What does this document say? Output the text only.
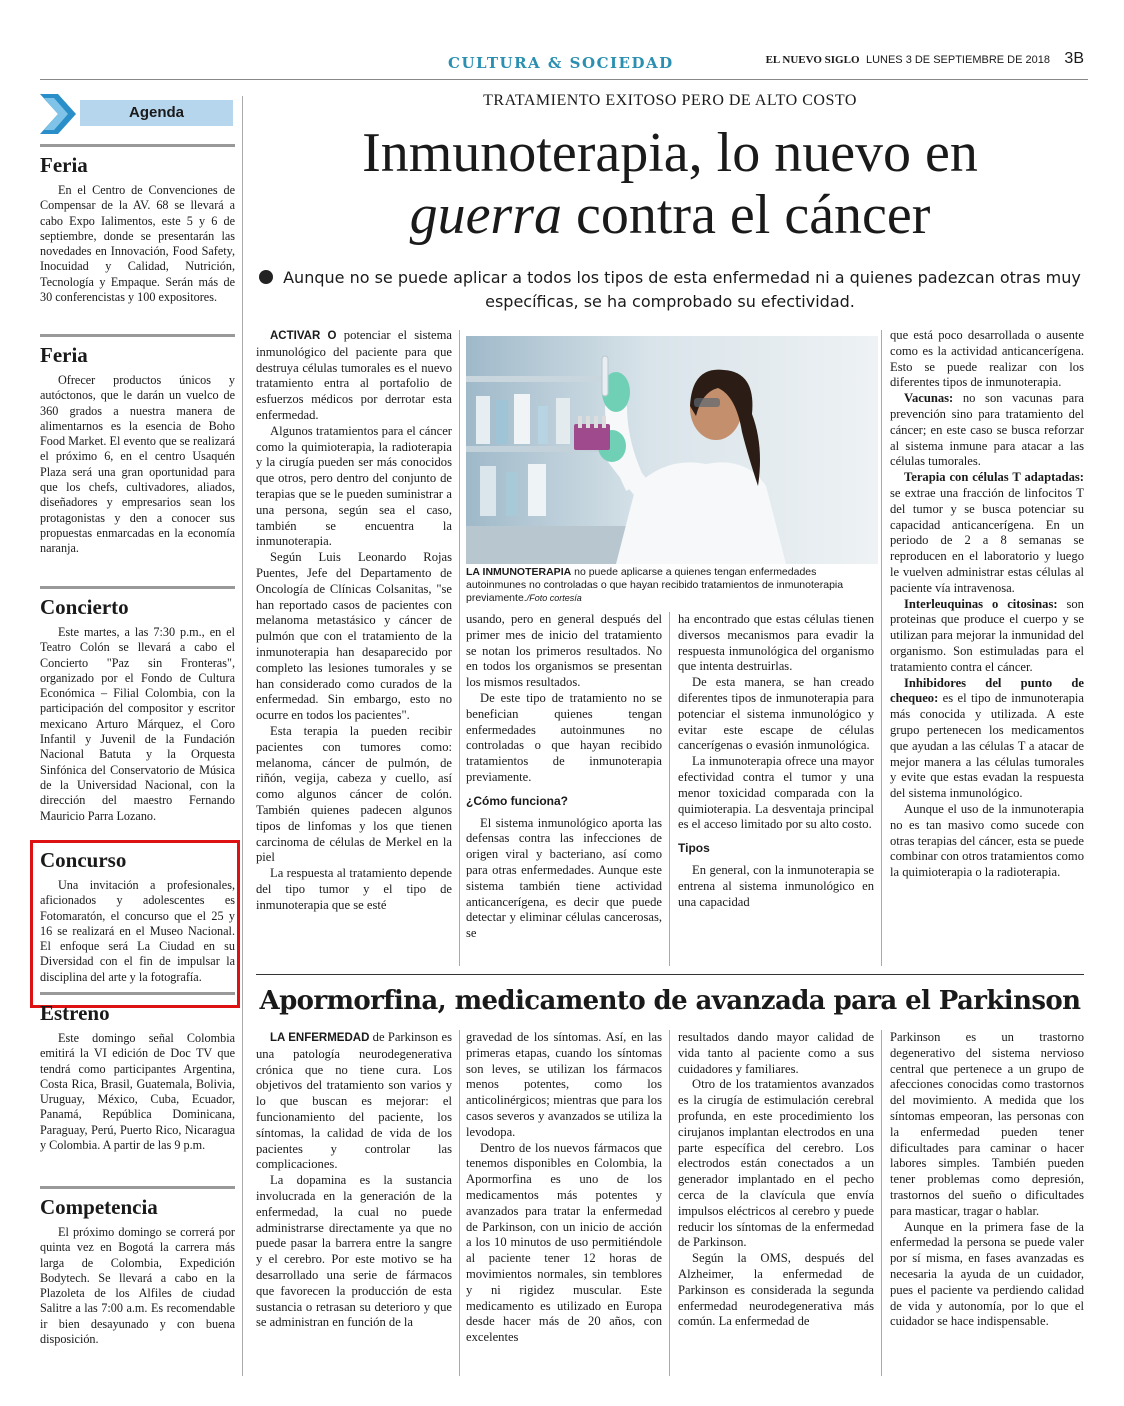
CULTURA & SOCIEDAD	EL NUEVO SIGLO LUNES 3 DE SEPTIEMBRE DE 2018 3B
Agenda
Feria
En el Centro de Convenciones de Compensar de la AV. 68 se llevará a cabo Expo Ialimentos, este 5 y 6 de septiembre, donde se presentarán las novedades en Innovación, Food Safety, Inocuidad y Calidad, Nutrición, Tecnología y Empaque. Serán más de 30 conferencistas y 100 expositores.
Feria
Ofrecer productos únicos y autóctonos, que le darán un vuelco de 360 grados a nuestra manera de alimentarnos es la esencia de Boho Food Market. El evento que se realizará el próximo 6, en el centro Usaquén Plaza será una gran oportunidad para que los chefs, cultivadores, aliados, diseñadores y empresarios sean los protagonistas y den a conocer sus propuestas enmarcadas en la economía naranja.
Concierto
Este martes, a las 7:30 p.m., en el Teatro Colón se llevará a cabo el Concierto "Paz sin Fronteras", organizado por el Fondo de Cultura Económica – Filial Colombia, con la participación del compositor y escritor mexicano Arturo Márquez, el Coro Infantil y Juvenil de la Fundación Nacional Batuta y la Orquesta Sinfónica del Conservatorio de Música de la Universidad Nacional, con la dirección del maestro Fernando Mauricio Parra Lozano.
Concurso
Una invitación a profesionales, aficionados y adolescentes es Fotomaratón, el concurso que el 25 y 16 se realizará en el Museo Nacional. El enfoque será La Ciudad en su Diversidad con el fin de impulsar la disciplina del arte y la fotografía.
Estreno
Este domingo señal Colombia emitirá la VI edición de Doc TV que tendrá como participantes Argentina, Costa Rica, Brasil, Guatemala, Bolivia, Uruguay, México, Cuba, Ecuador, Panamá, República Dominicana, Paraguay, Perú, Puerto Rico, Nicaragua y Colombia. A partir de las 9 p.m.
Competencia
El próximo domingo se correrá por quinta vez en Bogotá la carrera más larga de Colombia, Expedición Bodytech. Se llevará a cabo en la Plazoleta de los Alfiles de ciudad Salitre a las 7:00 a.m. Es recomendable ir bien desayunado y con buena disposición.
TRATAMIENTO EXITOSO PERO DE ALTO COSTO
Inmunoterapia, lo nuevo en
guerra contra el cáncer
Aunque no se puede aplicar a todos los tipos de esta enfermedad ni a quienes padezcan otras muy específicas, se ha comprobado su efectividad.

ACTIVAR O potenciar el sistema inmunológico del paciente para que destruya células tumorales es el nuevo tratamiento entra al portafolio de esfuerzos médicos por derrotar esta enfermedad.

Algunos tratamientos para el cáncer como la quimioterapia, la radioterapia y la cirugía pueden ser más conocidos que otros, pero dentro del conjunto de terapias que se le pueden suministrar a una persona, según sea el caso, también se encuentra la inmunoterapia.

Según Luis Leonardo Rojas Puentes, Jefe del Departamento de Oncología de Clínicas Colsanitas, "se han reportado casos de pacientes con melanoma metastásico y cáncer de pulmón que con el tratamiento de la inmunoterapia han desaparecido por completo las lesiones tumorales y se han considerado como curados de la enfermedad. Sin embargo, esto no ocurre en todos los pacientes".

Esta terapia la pueden recibir pacientes con tumores como: melanoma, cáncer de pulmón, de riñón, vegija, cabeza y cuello, así como algunos cáncer de colón. También quienes padecen algunos tipos de linfomas y los que tienen carcinoma de células de Merkel en la piel

La respuesta al tratamiento depende del tipo tumor y el tipo de inmunoterapia que se esté

LA INMUNOTERAPIA no puede aplicarse a quienes tengan enfermedades autoinmunes no controladas o que hayan recibido tratamientos de inmunoterapia previamente./Foto cortesía

usando, pero en general después del primer mes de inicio del tratamiento se notan los primeros resultados. No en todos los organismos se presentan los mismos resultados.

De este tipo de tratamiento no se benefician quienes tengan enfermedades autoinmunes no controladas o que hayan recibido tratamientos de inmunoterapia previamente.

¿Cómo funciona?

El sistema inmunológico aporta las defensas contra las infecciones de origen viral y bacteriano, así como para otras enfermedades. Aunque este sistema también tiene actividad anticancerígena, es decir que puede detectar y eliminar células cancerosas, se

ha encontrado que estas células tienen diversos mecanismos para evadir la respuesta inmunológica del organismo que intenta destruirlas.

De esta manera, se han creado diferentes tipos de inmunoterapia para potenciar el sistema inmunológico y evitar este escape de células cancerígenas o evasión inmunológica.

La inmunoterapia ofrece una mayor efectividad contra el tumor y una menor toxicidad comparada con la quimioterapia. La desventaja principal es el acceso limitado por su alto costo.

Tipos

En general, con la inmunoterapia se entrena al sistema inmunológico en una capacidad

que está poco desarrollada o ausente como es la actividad anticancerígena. Esto se puede realizar con los diferentes tipos de inmunoterapia.

Vacunas: no son vacunas para prevención sino para tratamiento del cáncer; en este caso se busca reforzar al sistema inmune para atacar a las células tumorales.

Terapia con células T adaptadas: se extrae una fracción de linfocitos T del tumor y se busca potenciar su capacidad anticancerígena. En un periodo de 2 a 8 semanas se reproducen en el laboratorio y luego le vuelven administrar estas células al paciente vía intravenosa.

Interleuquinas o citosinas: son proteinas que produce el cuerpo y se utilizan para mejorar la inmunidad del organismo. Son estimuladas para el tratamiento contra el cáncer.

Inhibidores del punto de chequeo: es el tipo de inmunoterapia más conocida y utilizada. A este grupo pertenecen los medicamentos que ayudan a las células T a atacar de mejor manera a las células tumorales y evite que estas evadan la respuesta del sistema inmunológico.

Aunque el uso de la inmunoterapia no es tan masivo como sucede con otras terapias del cáncer, esta se puede combinar con otros tratamientos como la quimioterapia o la radioterapia.

Apormorfina, medicamento de avanzada para el Parkinson

LA ENFERMEDAD de Parkinson es una patología neurodegenerativa crónica que no tiene cura. Los objetivos del tratamiento son varios y lo que buscan es mejorar: el funcionamiento del paciente, los síntomas, la calidad de vida de los pacientes y controlar las complicaciones.

La dopamina es la sustancia involucrada en la generación de la enfermedad, la cual no puede administrarse directamente ya que no puede pasar la barrera entre la sangre y el cerebro. Por este motivo se ha desarrollado una serie de fármacos que favorecen la producción de esta sustancia o retrasan su deterioro y que se administran en función de la

gravedad de los síntomas. Así, en las primeras etapas, cuando los síntomas son leves, se utilizan los fármacos menos potentes, como los anticolinérgicos; mientras que para los casos severos y avanzados se utiliza la levodopa.

Dentro de los nuevos fármacos que tenemos disponibles en Colombia, la Apormorfina es uno de los medicamentos más potentes y avanzados para tratar la enfermedad de Parkinson, con un inicio de acción a los 10 minutos de uso permitiéndole al paciente tener 12 horas de movimientos normales, sin temblores y ni rigidez muscular. Este medicamento es utilizado en Europa desde hacer más de 20 años, con excelentes

resultados dando mayor calidad de vida tanto al paciente como a sus cuidadores y familiares.

Otro de los tratamientos avanzados es la cirugía de estimulación cerebral profunda, en este procedimiento los cirujanos implantan electrodos en una parte específica del cerebro. Los electrodos están conectados a un generador implantado en el pecho cerca de la clavícula que envía impulsos eléctricos al cerebro y puede reducir los síntomas de la enfermedad de Parkinson.

Según la OMS, después del Alzheimer, la enfermedad de Parkinson es considerada la segunda enfermedad neurodegenerativa más común. La enfermedad de

Parkinson es un trastorno degenerativo del sistema nervioso central que pertenece a un grupo de afecciones conocidas como trastornos del movimiento. A medida que los síntomas empeoran, las personas con la enfermedad pueden tener dificultades para caminar o hacer labores simples. También pueden tener problemas como depresión, trastornos del sueño o dificultades para masticar, tragar o hablar.

Aunque en la primera fase de la enfermedad la persona se puede valer por sí misma, en fases avanzadas es necesaria la ayuda de un cuidador, pues el paciente va perdiendo calidad de vida y autonomía, por lo que el cuidador se hace indispensable.
